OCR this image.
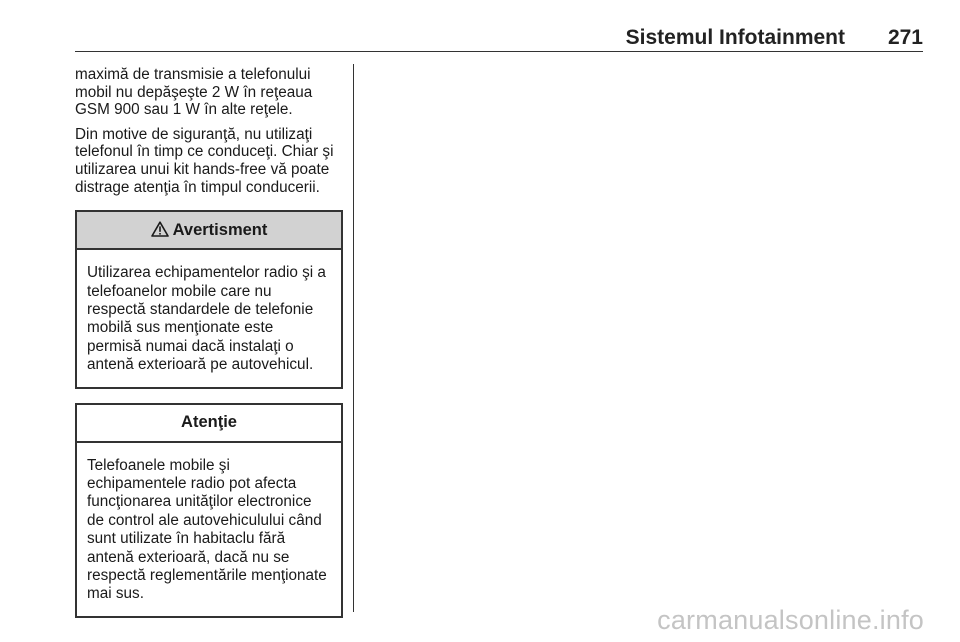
Sistemul Infotainment 271

maximă de transmisie a telefonului mobil nu depăşeşte 2 W în reţeaua GSM 900 sau 1 W în alte reţele.

Din motive de siguranţă, nu utilizaţi telefonul în timp ce conduceţi. Chiar şi utilizarea unui kit hands-free vă poate distrage atenţia în timpul conducerii.

Avertisment
Utilizarea echipamentelor radio şi a telefoanelor mobile care nu respectă standardele de telefonie mobilă sus menţionate este permisă numai dacă instalaţi o antenă exterioară pe autovehicul.
Atenţie
Telefoanele mobile şi echipamentele radio pot afecta funcţionarea unităţilor electronice de control ale autovehiculului când sunt utilizate în habitaclu fără antenă exterioară, dacă nu se respectă reglementările menţionate mai sus.
carmanualsonline.info
